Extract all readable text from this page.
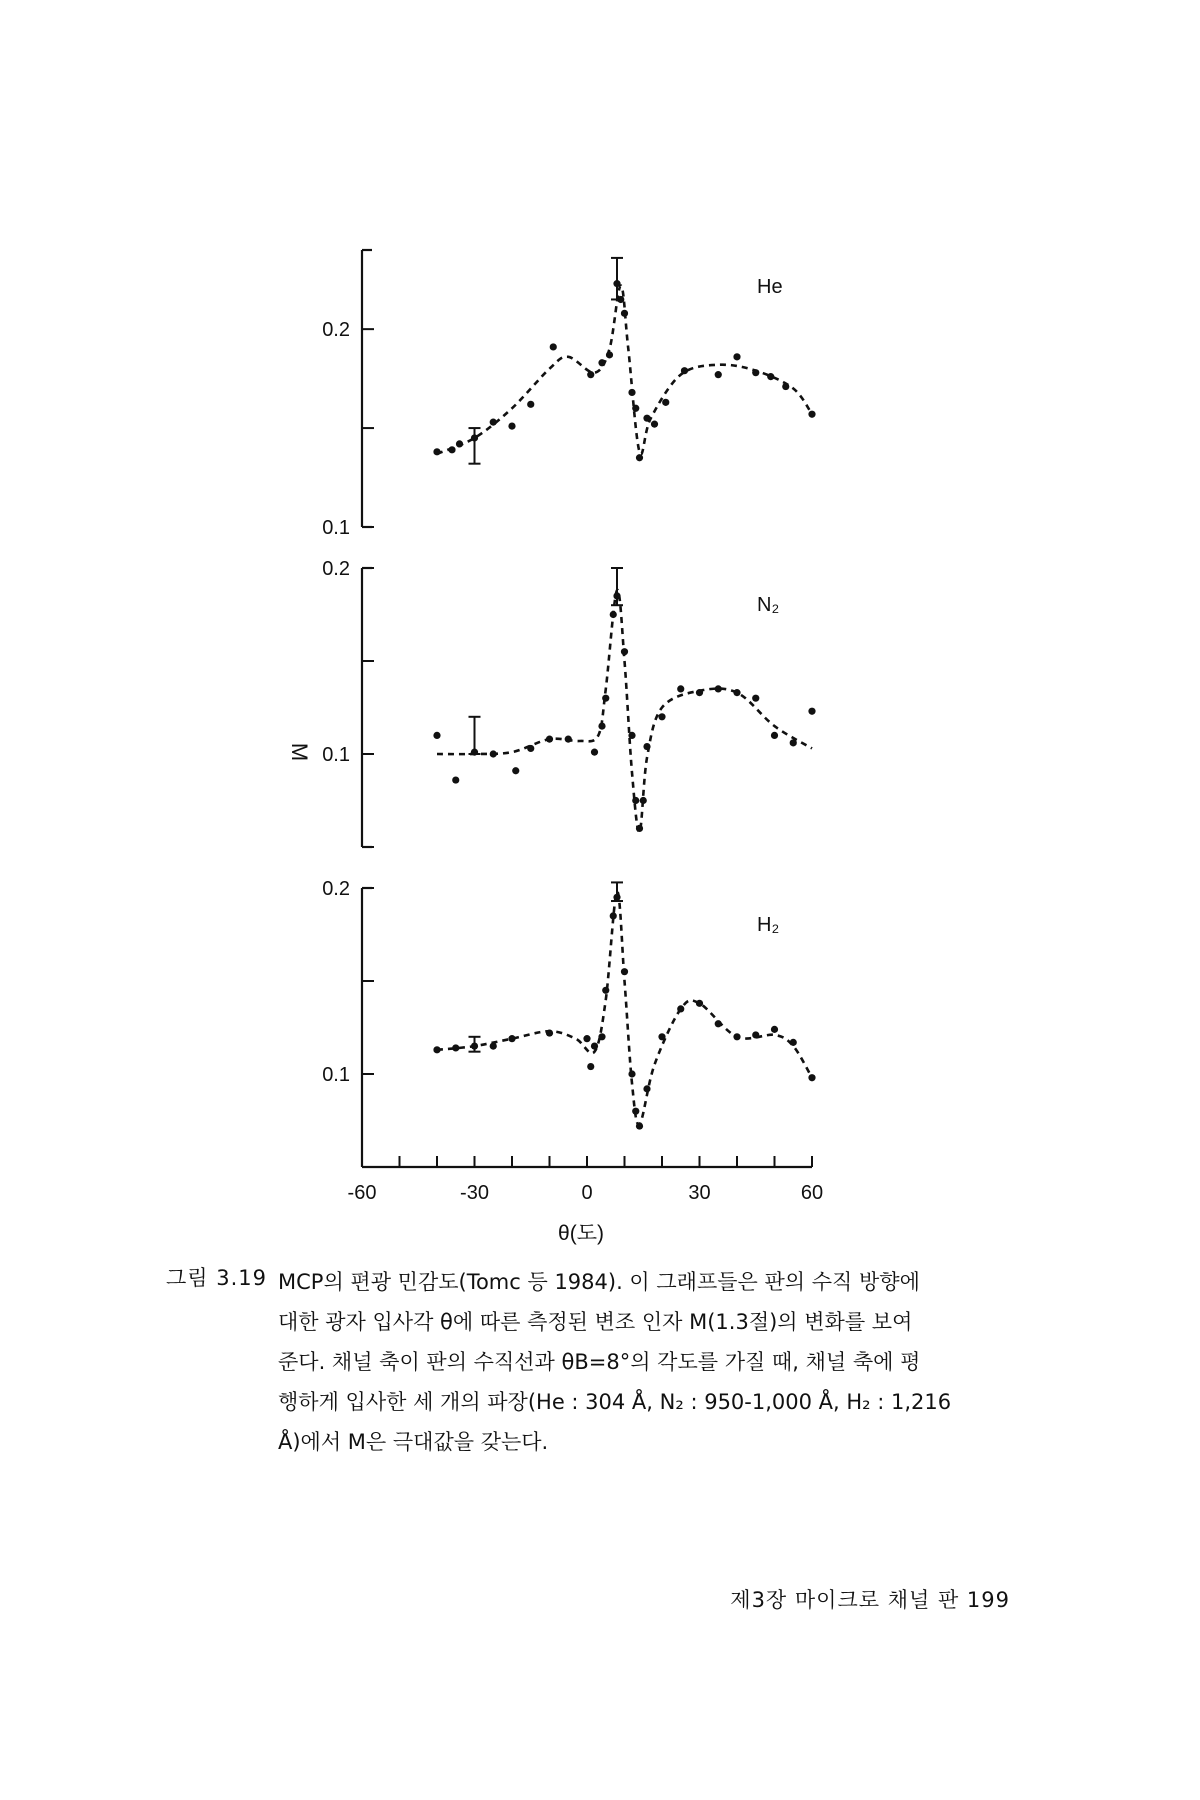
M
θ(도)
0.1
0.2
He
0.1
0.2
N₂
0.1
0.2
H₂
-60	-30	0	30	60
그림 3.19 MCP의 편광 민감도(Tomc 등 1984). 이 그래프들은 판의 수직 방향에
대한 광자 입사각 θ에 따른 측정된 변조 인자 M(1.3절)의 변화를 보여
준다. 채널 축이 판의 수직선과 θB=8°의 각도를 가질 때, 채널 축에 평
행하게 입사한 세 개의 파장(He : 304 Å, N₂ : 950-1,000 Å, H₂ : 1,216
Å)에서 M은 극대값을 갖는다.
제3장 마이크로 채널 판 199
